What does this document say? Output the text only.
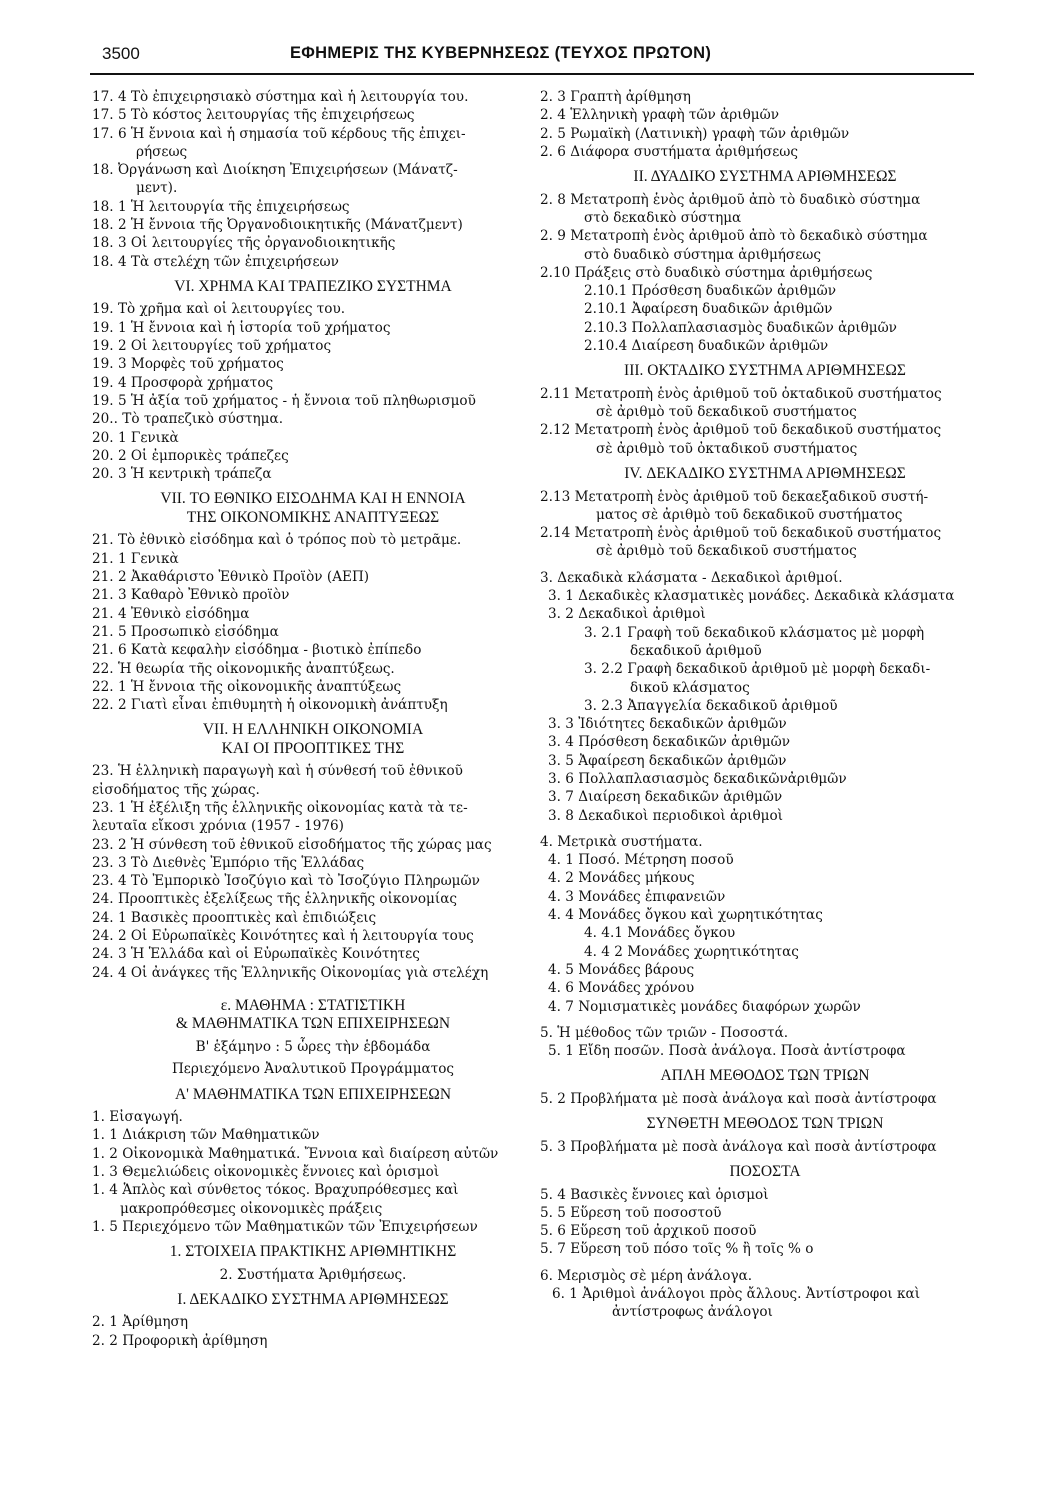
3500	ΕΦΗΜΕΡΙΣ ΤΗΣ ΚΥΒΕΡΝΗΣΕΩΣ (ΤΕΥΧΟΣ ΠΡΩΤΟΝ)
17. 4 Τὸ ἐπιχειρησιακὸ σύστημα καὶ ἡ λειτουργία του.
17. 5 Τὸ κόστος λειτουργίας τῆς ἐπιχειρήσεως
17. 6 Ἡ ἔννοια καὶ ἡ σημασία τοῦ κέρδους τῆς ἐπιχει-
ρήσεως
18. Ὀργάνωση καὶ Διοίκηση Ἐπιχειρήσεων (Μάνατζ-
μεντ).
18. 1 Ἡ λειτουργία τῆς ἐπιχειρήσεως
18. 2 Ἡ ἔννοια τῆς Ὀργανοδιοικητικῆς (Μάνατζμεντ)
18. 3 Οἱ λειτουργίες τῆς ὀργανοδιοικητικῆς
18. 4 Τὰ στελέχη τῶν ἐπιχειρήσεων
VI. ΧΡΗΜΑ ΚΑΙ ΤΡΑΠΕΖΙΚΟ ΣΥΣΤΗΜΑ
19. Τὸ χρῆμα καὶ οἱ λειτουργίες του.
19. 1 Ἡ ἔννοια καὶ ἡ ἱστορία τοῦ χρήματος
19. 2 Οἱ λειτουργίες τοῦ χρήματος
19. 3 Μορφὲς τοῦ χρήματος
19. 4 Προσφορὰ χρήματος
19. 5 Ἡ ἀξία τοῦ χρήματος - ἡ ἔννοια τοῦ πληθωρισμοῦ
20.. Τὸ τραπεζικὸ σύστημα.
20. 1 Γενικὰ
20. 2 Οἱ ἐμπορικὲς τράπεζες
20. 3 Ἡ κεντρικὴ τράπεζα
VII. ΤΟ ΕΘΝΙΚΟ ΕΙΣΟΔΗΜΑ ΚΑΙ Η ΕΝΝΟΙΑ
ΤΗΣ ΟΙΚΟΝΟΜΙΚΗΣ ΑΝΑΠΤΥΞΕΩΣ
21. Τὸ ἐθνικὸ εἰσόδημα καὶ ὁ τρόπος ποὺ τὸ μετρᾶμε.
21. 1 Γενικὰ
21. 2 Ἀκαθάριστο Ἐθνικὸ Προϊὸν (ΑΕΠ)
21. 3 Καθαρὸ Ἐθνικὸ προϊὸν
21. 4 Ἐθνικὸ εἰσόδημα
21. 5 Προσωπικὸ εἰσόδημα
21. 6 Κατὰ κεφαλὴν εἰσόδημα - βιοτικὸ ἐπίπεδο
22. Ἡ θεωρία τῆς οἰκονομικῆς ἀναπτύξεως.
22. 1 Ἡ ἔννοια τῆς οἰκονομικῆς ἀναπτύξεως
22. 2 Γιατὶ εἶναι ἐπιθυμητὴ ἡ οἰκονομικὴ ἀνάπτυξη
VII. Η ΕΛΛΗΝΙΚΗ ΟΙΚΟΝΟΜΙΑ
ΚΑΙ ΟΙ ΠΡΟΟΠΤΙΚΕΣ ΤΗΣ
23. Ἡ ἑλληνικὴ παραγωγὴ καὶ ἡ σύνθεσή τοῦ ἐθνικοῦ
εἰσοδήματος τῆς χώρας.
23. 1 Ἡ ἐξέλιξη τῆς ἑλληνικῆς οἰκονομίας κατὰ τὰ τε-
λευταῖα εἴκοσι χρόνια (1957 - 1976)
23. 2 Ἡ σύνθεση τοῦ ἐθνικοῦ εἰσοδήματος τῆς χώρας μας
23. 3 Τὸ Διεθνὲς Ἐμπόριο τῆς Ἑλλάδας
23. 4 Τὸ Ἐμπορικὸ Ἰσοζύγιο καὶ τὸ Ἰσοζύγιο Πληρωμῶν
24. Προοπτικὲς ἐξελίξεως τῆς ἑλληνικῆς οἰκονομίας
24. 1 Βασικὲς προοπτικὲς καὶ ἐπιδιώξεις
24. 2 Οἱ Εὐρωπαϊκὲς Κοινότητες καὶ ἡ λειτουργία τους
24. 3 Ἡ Ἑλλάδα καὶ οἱ Εὐρωπαϊκὲς Κοινότητες
24. 4 Οἱ ἀνάγκες τῆς Ἑλληνικῆς Οἰκονομίας γιὰ στελέχη
ε. ΜΑΘΗΜΑ : ΣΤΑΤΙΣΤΙΚΗ
& ΜΑΘΗΜΑΤΙΚΑ ΤΩΝ ΕΠΙΧΕΙΡΗΣΕΩΝ
Β' ἑξάμηνο : 5 ὧρες τὴν ἑβδομάδα
Περιεχόμενο Ἀναλυτικοῦ Προγράμματος
Α' ΜΑΘΗΜΑΤΙΚΑ ΤΩΝ ΕΠΙΧΕΙΡΗΣΕΩΝ
1. Εἰσαγωγή.
1. 1 Διάκριση τῶν Μαθηματικῶν
1. 2 Οἰκονομικὰ Μαθηματικά. Ἔννοια καὶ διαίρεση αὐτῶν
1. 3 Θεμελιώδεις οἰκονομικὲς ἔννοιες καὶ ὁρισμοὶ
1. 4 Ἁπλὸς καὶ σύνθετος τόκος. Βραχυπρόθεσμες καὶ
μακροπρόθεσμες οἰκονομικὲς πράξεις
1. 5 Περιεχόμενο τῶν Μαθηματικῶν τῶν Ἐπιχειρήσεων
1. ΣΤΟΙΧΕΙΑ ΠΡΑΚΤΙΚΗΣ ΑΡΙΘΜΗΤΙΚΗΣ
2. Συστήματα Ἀριθμήσεως.
Ι. ΔΕΚΑΔΙΚΟ ΣΥΣΤΗΜΑ ΑΡΙΘΜΗΣΕΩΣ
2. 1 Ἀρίθμηση
2. 2 Προφορικὴ ἀρίθμηση
2. 3 Γραπτὴ ἀρίθμηση
2. 4 Ἑλληνικὴ γραφὴ τῶν ἀριθμῶν
2. 5 Ρωμαϊκὴ (Λατινικὴ) γραφὴ τῶν ἀριθμῶν
2. 6 Διάφορα συστήματα ἀριθμήσεως
ΙΙ. ΔΥΑΔΙΚΟ ΣΥΣΤΗΜΑ ΑΡΙΘΜΗΣΕΩΣ
2. 8 Μετατροπὴ ἑνὸς ἀριθμοῦ ἀπὸ τὸ δυαδικὸ σύστημα
στὸ δεκαδικὸ σύστημα
2. 9 Μετατροπὴ ἑνὸς ἀριθμοῦ ἀπὸ τὸ δεκαδικὸ σύστημα
στὸ δυαδικὸ σύστημα ἀριθμήσεως
2.10 Πράξεις στὸ δυαδικὸ σύστημα ἀριθμήσεως
2.10.1 Πρόσθεση δυαδικῶν ἀριθμῶν
2.10.1 Ἀφαίρεση δυαδικῶν ἀριθμῶν
2.10.3 Πολλαπλασιασμὸς δυαδικῶν ἀριθμῶν
2.10.4 Διαίρεση δυαδικῶν ἀριθμῶν
ΙΙΙ. ΟΚΤΑΔΙΚΟ ΣΥΣΤΗΜΑ ΑΡΙΘΜΗΣΕΩΣ
2.11 Μετατροπὴ ἑνὸς ἀριθμοῦ τοῦ ὀκταδικοῦ συστήματος
σὲ ἀριθμὸ τοῦ δεκαδικοῦ συστήματος
2.12 Μετατροπὴ ἑνὸς ἀριθμοῦ τοῦ δεκαδικοῦ συστήματος
σὲ ἀριθμὸ τοῦ ὀκταδικοῦ συστήματος
ΙV. ΔΕΚΑΔΙΚΟ ΣΥΣΤΗΜΑ ΑΡΙΘΜΗΣΕΩΣ
2.13 Μετατροπὴ ἑνὸς ἀριθμοῦ τοῦ δεκαεξαδικοῦ συστή-
ματος σὲ ἀριθμὸ τοῦ δεκαδικοῦ συστήματος
2.14 Μετατροπὴ ἑνὸς ἀριθμοῦ τοῦ δεκαδικοῦ συστήματος
σὲ ἀριθμὸ τοῦ δεκαδικοῦ συστήματος
3. Δεκαδικὰ κλάσματα - Δεκαδικοὶ ἀριθμοί.
3. 1 Δεκαδικὲς κλασματικὲς μονάδες. Δεκαδικὰ κλάσματα
3. 2 Δεκαδικοὶ ἀριθμοὶ
3. 2.1 Γραφὴ τοῦ δεκαδικοῦ κλάσματος μὲ μορφὴ
δεκαδικοῦ ἀριθμοῦ
3. 2.2 Γραφὴ δεκαδικοῦ ἀριθμοῦ μὲ μορφὴ δεκαδι-
δικοῦ κλάσματος
3. 2.3 Ἀπαγγελία δεκαδικοῦ ἀριθμοῦ
3. 3 Ἰδιότητες δεκαδικῶν ἀριθμῶν
3. 4 Πρόσθεση δεκαδικῶν ἀριθμῶν
3. 5 Ἀφαίρεση δεκαδικῶν ἀριθμῶν
3. 6 Πολλαπλασιασμὸς δεκαδικῶνἀριθμῶν
3. 7 Διαίρεση δεκαδικῶν ἀριθμῶν
3. 8 Δεκαδικοὶ περιοδικοὶ ἀριθμοὶ
4. Μετρικὰ συστήματα.
4. 1 Ποσό. Μέτρηση ποσοῦ
4. 2 Μονάδες μήκους
4. 3 Μονάδες ἐπιφανειῶν
4. 4 Μονάδες ὄγκου καὶ χωρητικότητας
4. 4.1 Μονάδες ὄγκου
4. 4 2 Μονάδες χωρητικότητας
4. 5 Μονάδες βάρους
4. 6 Μονάδες χρόνου
4. 7 Νομισματικὲς μονάδες διαφόρων χωρῶν
5. Ἡ μέθοδος τῶν τριῶν - Ποσοστά.
5. 1 Εἴδη ποσῶν. Ποσὰ ἀνάλογα. Ποσὰ ἀντίστροφα
ΑΠΛΗ ΜΕΘΟΔΟΣ ΤΩΝ ΤΡΙΩΝ
5. 2 Προβλήματα μὲ ποσὰ ἀνάλογα καὶ ποσὰ ἀντίστροφα
ΣΥΝΘΕΤΗ ΜΕΘΟΔΟΣ ΤΩΝ ΤΡΙΩΝ
5. 3 Προβλήματα μὲ ποσὰ ἀνάλογα καὶ ποσὰ ἀντίστροφα
ΠΟΣΟΣΤΑ
5. 4 Βασικὲς ἔννοιες καὶ ὁρισμοὶ
5. 5 Εὕρεση τοῦ ποσοστοῦ
5. 6 Εὕρεση τοῦ ἀρχικοῦ ποσοῦ
5. 7 Εὕρεση τοῦ πόσο τοῖς % ἢ τοῖς % ο
6. Μερισμὸς σὲ μέρη ἀνάλογα.
6. 1 Ἀριθμοὶ ἀνάλογοι πρὸς ἄλλους. Ἀντίστροφοι καὶ
ἀντίστροφως ἀνάλογοι
